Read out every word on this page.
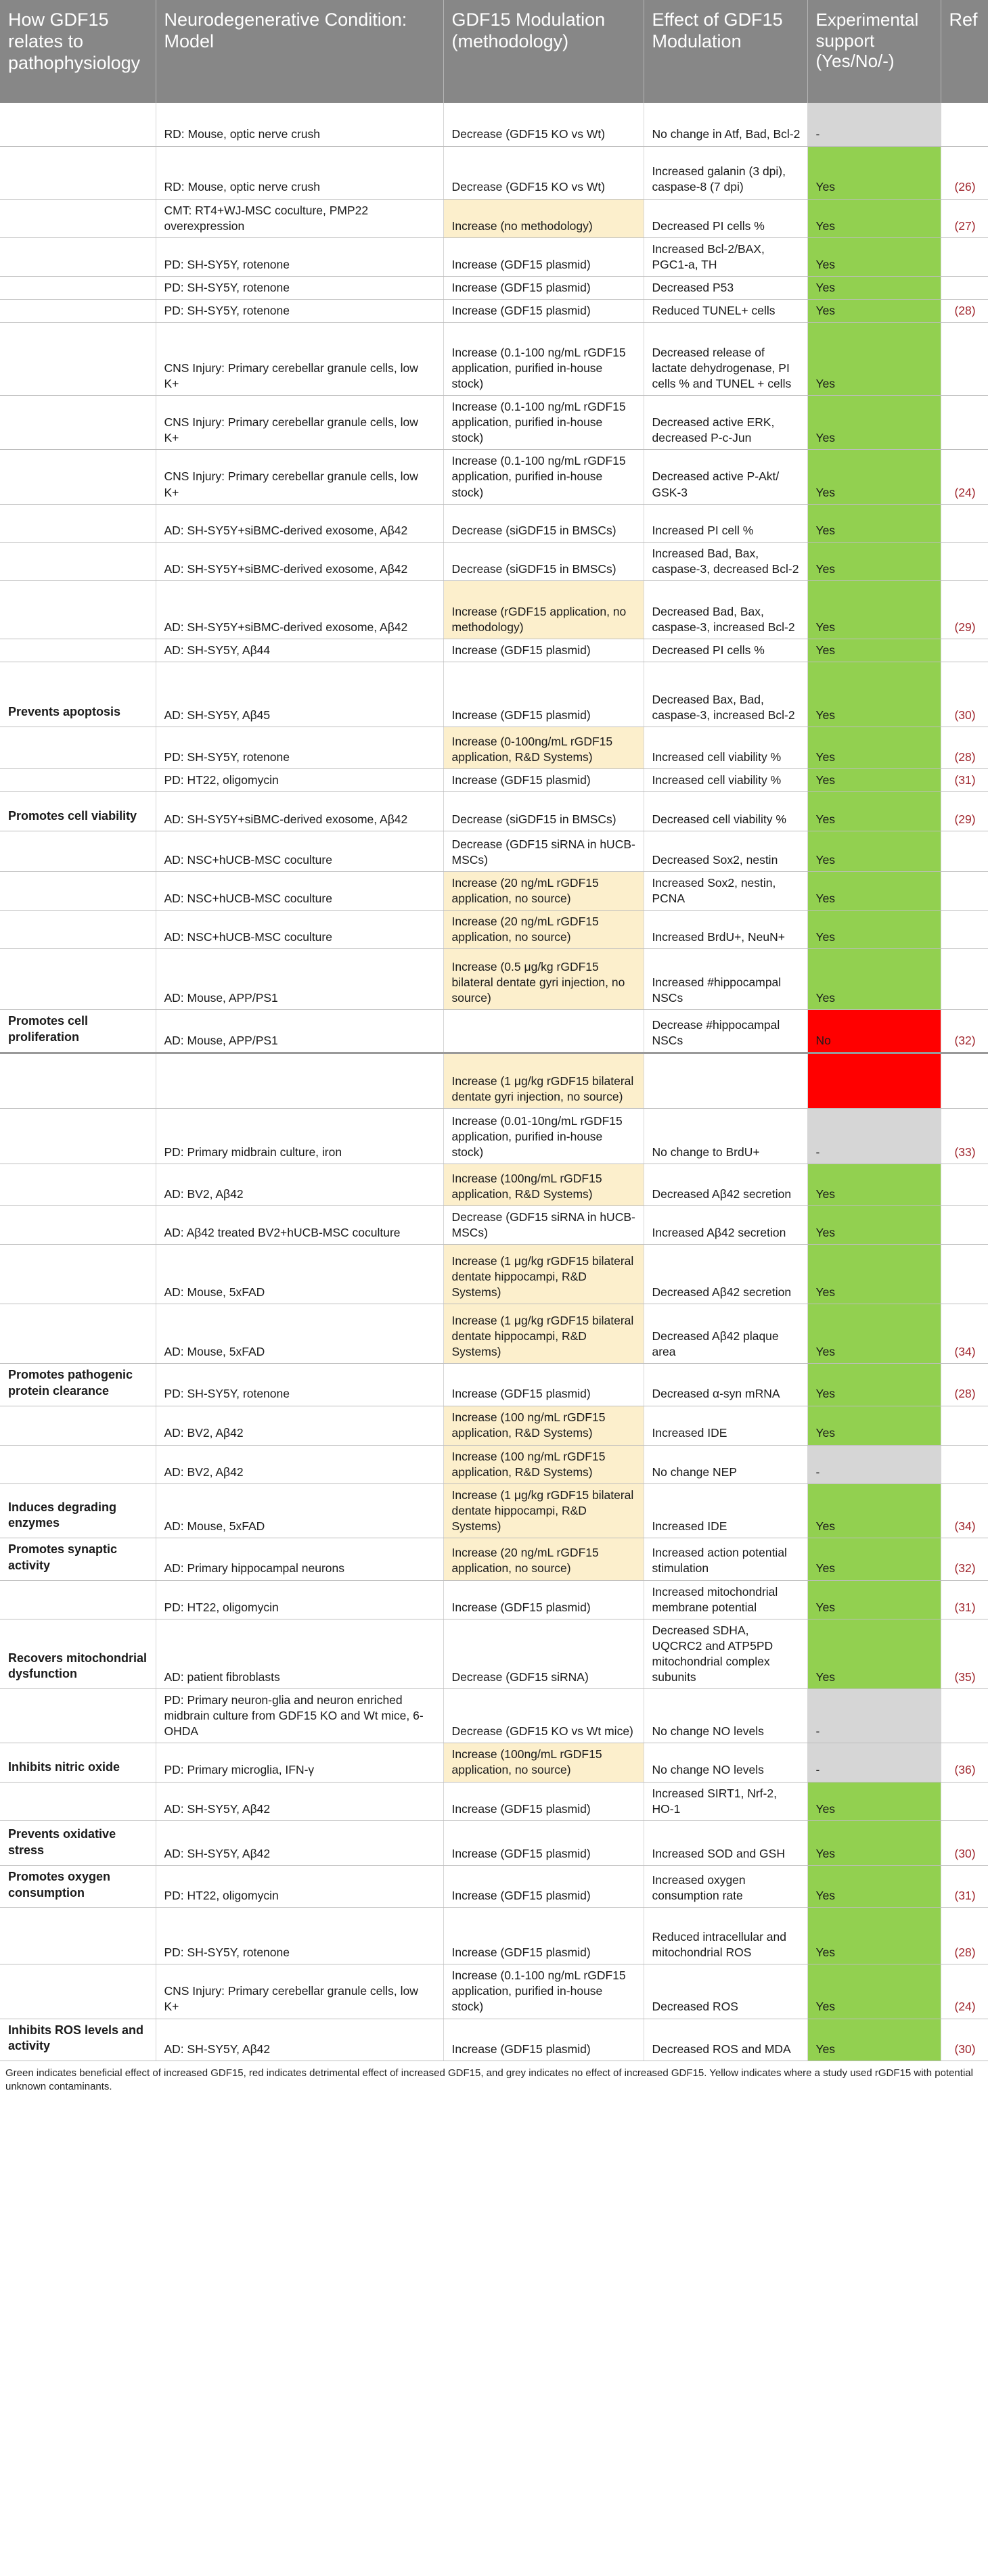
How GDF15 relates to pathophysiology	Neurodegenerative Condition: Model	GDF15 Modulation (methodology)	Effect of GDF15 Modulation	Experimental support (Yes/No/-)	Ref
	RD: Mouse, optic nerve crush	Decrease (GDF15 KO vs Wt)	No change in Atf, Bad, Bcl-2	-	
	RD: Mouse, optic nerve crush	Decrease (GDF15 KO vs Wt)	Increased galanin (3 dpi), caspase-8 (7 dpi)	Yes	(26)
	CMT: RT4+WJ-MSC coculture, PMP22 overexpression	Increase (no methodology)	Decreased PI cells %	Yes	(27)
	PD: SH-SY5Y, rotenone	Increase (GDF15 plasmid)	Increased Bcl-2/BAX, PGC1-a, TH	Yes	
	PD: SH-SY5Y, rotenone	Increase (GDF15 plasmid)	Decreased P53	Yes	
	PD: SH-SY5Y, rotenone	Increase (GDF15 plasmid)	Reduced TUNEL+ cells	Yes	(28)
	CNS Injury: Primary cerebellar granule cells, low K+	Increase (0.1-100 ng/mL rGDF15 application, purified in-house stock)	Decreased release of lactate dehydrogenase, PI cells % and TUNEL + cells	Yes	
	CNS Injury: Primary cerebellar granule cells, low K+	Increase (0.1-100 ng/mL rGDF15 application, purified in-house stock)	Decreased active ERK, decreased P-c-Jun	Yes	
	CNS Injury: Primary cerebellar granule cells, low K+	Increase (0.1-100 ng/mL rGDF15 application, purified in-house stock)	Decreased active P-Akt/ GSK-3	Yes	(24)
	AD: SH-SY5Y+siBMC-derived exosome, Aβ42	Decrease (siGDF15 in BMSCs)	Increased PI cell %	Yes	
	AD: SH-SY5Y+siBMC-derived exosome, Aβ42	Decrease (siGDF15 in BMSCs)	Increased Bad, Bax, caspase-3, decreased Bcl-2	Yes	
	AD: SH-SY5Y+siBMC-derived exosome, Aβ42	Increase (rGDF15 application, no methodology)	Decreased Bad, Bax, caspase-3, increased Bcl-2	Yes	(29)
	AD: SH-SY5Y, Aβ44	Increase (GDF15 plasmid)	Decreased PI cells %	Yes	
Prevents apoptosis	AD: SH-SY5Y, Aβ45	Increase (GDF15 plasmid)	Decreased Bax, Bad, caspase-3, increased Bcl-2	Yes	(30)
	PD: SH-SY5Y, rotenone	Increase (0-100ng/mL rGDF15 application, R&D Systems)	Increased cell viability %	Yes	(28)
	PD: HT22, oligomycin	Increase (GDF15 plasmid)	Increased cell viability %	Yes	(31)
Promotes cell viability	AD: SH-SY5Y+siBMC-derived exosome, Aβ42	Decrease (siGDF15 in BMSCs)	Decreased cell viability %	Yes	(29)
	AD: NSC+hUCB-MSC coculture	Decrease (GDF15 siRNA in hUCB-MSCs)	Decreased Sox2, nestin	Yes	
	AD: NSC+hUCB-MSC coculture	Increase (20 ng/mL rGDF15 application, no source)	Increased Sox2, nestin, PCNA	Yes	
	AD: NSC+hUCB-MSC coculture	Increase (20 ng/mL rGDF15 application, no source)	Increased BrdU+, NeuN+	Yes	
	AD: Mouse, APP/PS1	Increase (0.5 μg/kg rGDF15 bilateral dentate gyri injection, no source)	Increased #hippocampal NSCs	Yes	
Promotes cell proliferation	AD: Mouse, APP/PS1		Decrease #hippocampal NSCs	No	(32)
		Increase (1 μg/kg rGDF15 bilateral dentate gyri injection, no source)			
	PD: Primary midbrain culture, iron	Increase (0.01-10ng/mL rGDF15 application, purified in-house stock)	No change to BrdU+	-	(33)
	AD: BV2, Aβ42	Increase (100ng/mL rGDF15 application, R&D Systems)	Decreased Aβ42 secretion	Yes	
	AD: Aβ42 treated BV2+hUCB-MSC coculture	Decrease (GDF15 siRNA in hUCB-MSCs)	Increased Aβ42 secretion	Yes	
	AD: Mouse, 5xFAD	Increase (1 μg/kg rGDF15 bilateral dentate hippocampi, R&D Systems)	Decreased Aβ42 secretion	Yes	
	AD: Mouse, 5xFAD	Increase (1 μg/kg rGDF15 bilateral dentate hippocampi, R&D Systems)	Decreased Aβ42 plaque area	Yes	(34)
Promotes pathogenic protein clearance	PD: SH-SY5Y, rotenone	Increase (GDF15 plasmid)	Decreased α-syn mRNA	Yes	(28)
	AD: BV2, Aβ42	Increase (100 ng/mL rGDF15 application, R&D Systems)	Increased IDE	Yes	
	AD: BV2, Aβ42	Increase (100 ng/mL rGDF15 application, R&D Systems)	No change NEP	-	
Induces degrading enzymes	AD: Mouse, 5xFAD	Increase (1 μg/kg rGDF15 bilateral dentate hippocampi, R&D Systems)	Increased IDE	Yes	(34)
Promotes synaptic activity	AD: Primary hippocampal neurons	Increase (20 ng/mL rGDF15 application, no source)	Increased action potential stimulation	Yes	(32)
	PD: HT22, oligomycin	Increase (GDF15 plasmid)	Increased mitochondrial membrane potential	Yes	(31)
Recovers mitochondrial dysfunction	AD: patient fibroblasts	Decrease (GDF15 siRNA)	Decreased SDHA, UQCRC2 and ATP5PD mitochondrial complex subunits	Yes	(35)
	PD: Primary neuron-glia and neuron enriched midbrain culture from GDF15 KO and Wt mice, 6-OHDA	Decrease (GDF15 KO vs Wt mice)	No change NO levels	-	
Inhibits nitric oxide	PD: Primary microglia, IFN-γ	Increase (100ng/mL rGDF15 application, no source)	No change NO levels	-	(36)
	AD: SH-SY5Y, Aβ42	Increase (GDF15 plasmid)	Increased SIRT1, Nrf-2, HO-1	Yes	
Prevents oxidative stress	AD: SH-SY5Y, Aβ42	Increase (GDF15 plasmid)	Increased SOD and GSH	Yes	(30)
Promotes oxygen consumption	PD: HT22, oligomycin	Increase (GDF15 plasmid)	Increased oxygen consumption rate	Yes	(31)
	PD: SH-SY5Y, rotenone	Increase (GDF15 plasmid)	Reduced intracellular and mitochondrial ROS	Yes	(28)
	CNS Injury: Primary cerebellar granule cells, low K+	Increase (0.1-100 ng/mL rGDF15 application, purified in-house stock)	Decreased ROS	Yes	(24)
Inhibits ROS levels and activity	AD: SH-SY5Y, Aβ42	Increase (GDF15 plasmid)	Decreased ROS and MDA	Yes	(30)
Green indicates beneficial effect of increased GDF15, red indicates detrimental effect of increased GDF15, and grey indicates no effect of increased GDF15. Yellow indicates where a study used rGDF15 with potential unknown contaminants.
